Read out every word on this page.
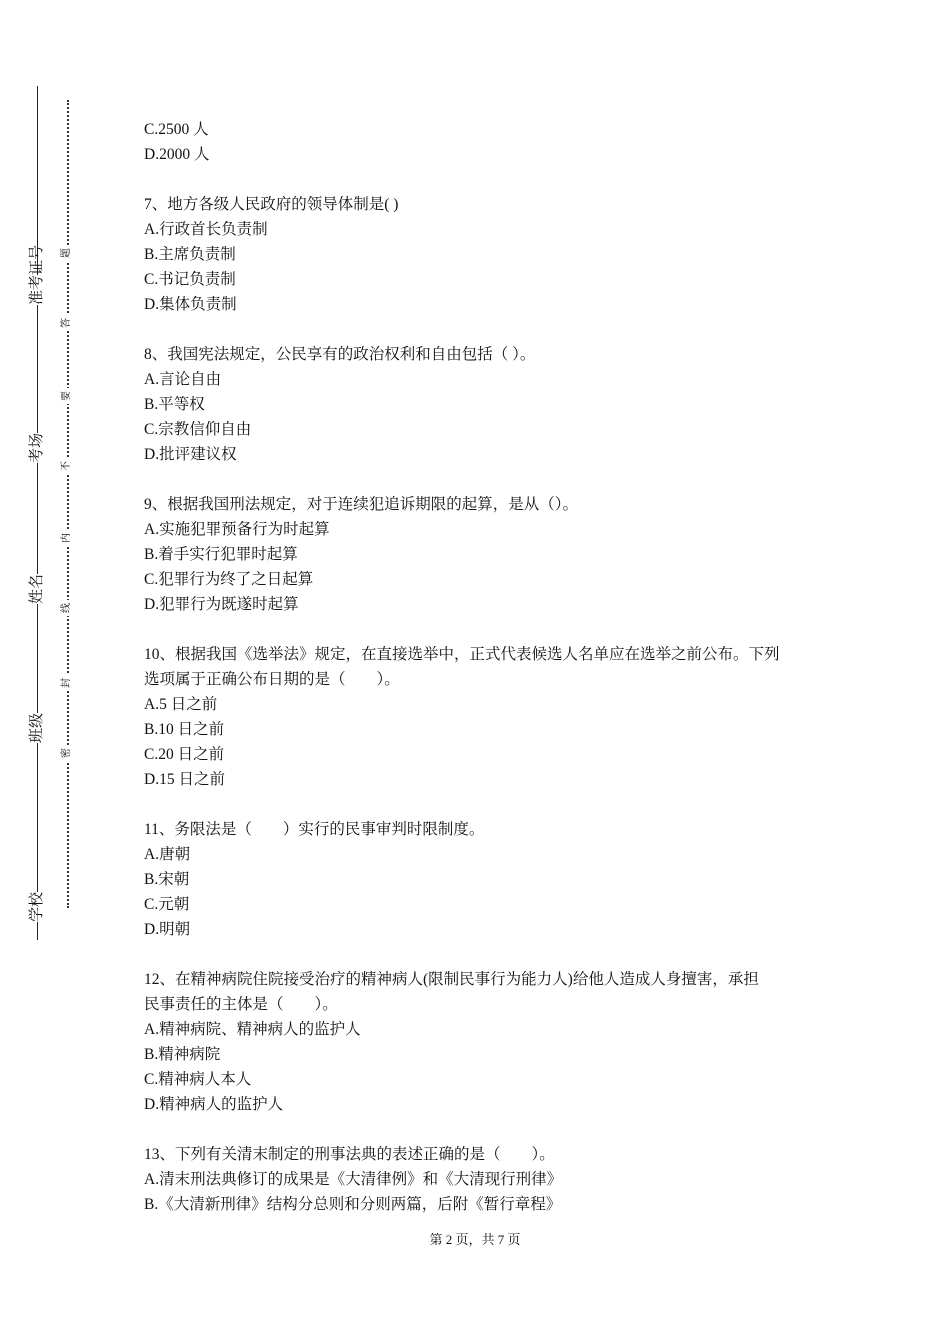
准考证号
考场
姓名
班级
学校
题
答
要
不
内
线
封
密

C.2500 人

D.2000 人

7、地方各级人民政府的领导体制是( )

A.行政首长负责制

B.主席负责制

C.书记负责制

D.集体负责制

8、我国宪法规定，公民享有的政治权利和自由包括（ ）。

A.言论自由

B.平等权

C.宗教信仰自由

D.批评建议权

9、根据我国刑法规定，对于连续犯追诉期限的起算，是从（）。

A.实施犯罪预备行为时起算

B.着手实行犯罪时起算

C.犯罪行为终了之日起算

D.犯罪行为既遂时起算

10、根据我国《选举法》规定，在直接选举中，正式代表候选人名单应在选举之前公布。下列

选项属于正确公布日期的是（　　）。

A.5 日之前

B.10 日之前

C.20 日之前

D.15 日之前

11、务限法是（　　）实行的民事审判时限制度。

A.唐朝

B.宋朝

C.元朝

D.明朝

12、在精神病院住院接受治疗的精神病人(限制民事行为能力人)给他人造成人身擅害，承担

民事责任的主体是（　　）。

A.精神病院、精神病人的监护人

B.精神病院

C.精神病人本人

D.精神病人的监护人

13、下列有关清末制定的刑事法典的表述正确的是（　　）。

A.清末刑法典修订的成果是《大清律例》和《大清现行刑律》

B.《大清新刑律》结构分总则和分则两篇，后附《暂行章程》

第 2 页，共 7 页
